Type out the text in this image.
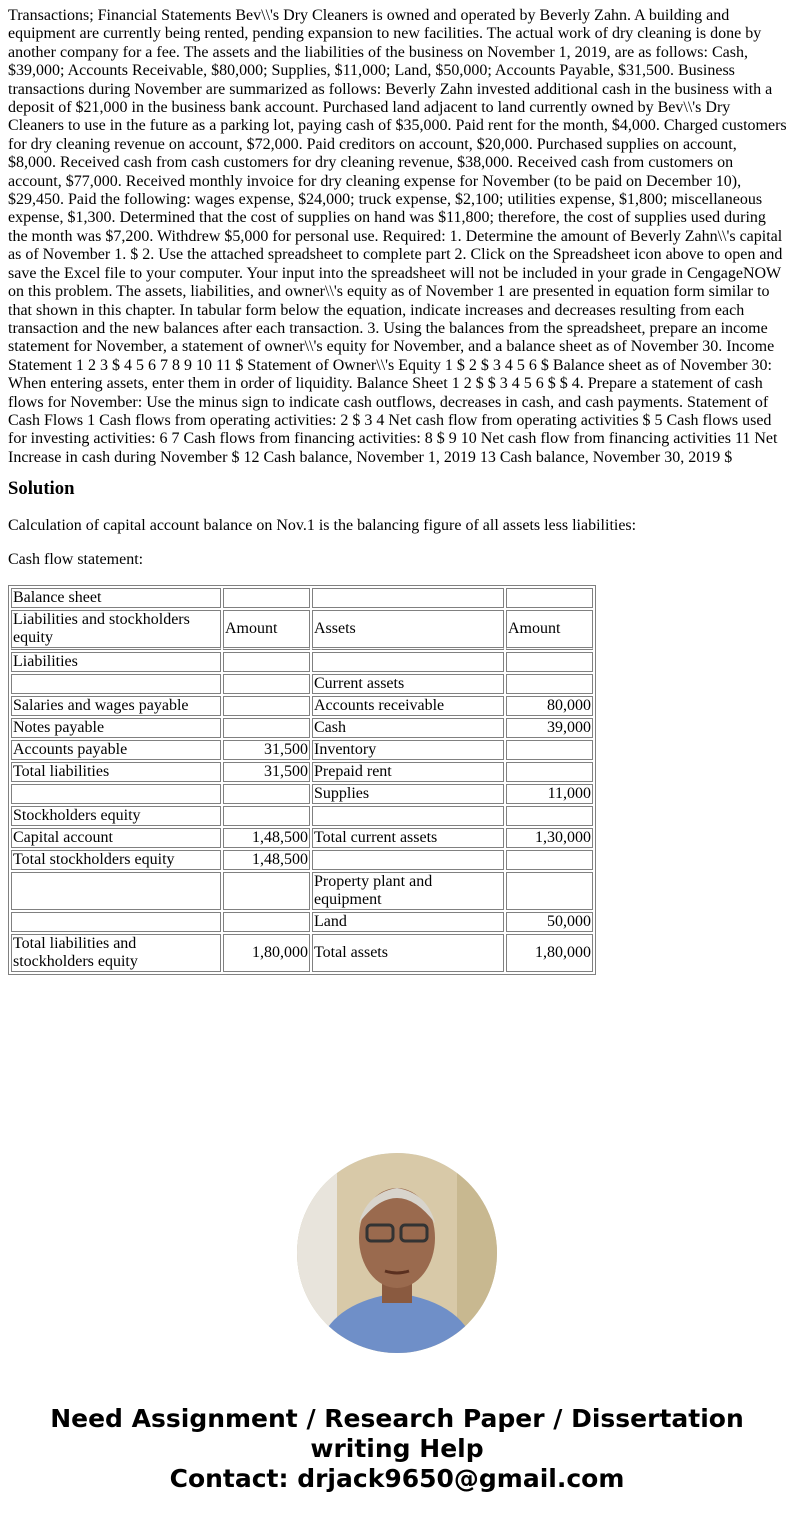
Transactions; Financial Statements Bev\\'s Dry Cleaners is owned and operated by Beverly Zahn. A building and equipment are currently being rented, pending expansion to new facilities. The actual work of dry cleaning is done by another company for a fee. The assets and the liabilities of the business on November 1, 2019, are as follows: Cash, $39,000; Accounts Receivable, $80,000; Supplies, $11,000; Land, $50,000; Accounts Payable, $31,500. Business transactions during November are summarized as follows: Beverly Zahn invested additional cash in the business with a deposit of $21,000 in the business bank account. Purchased land adjacent to land currently owned by Bev\\'s Dry Cleaners to use in the future as a parking lot, paying cash of $35,000. Paid rent for the month, $4,000. Charged customers for dry cleaning revenue on account, $72,000. Paid creditors on account, $20,000. Purchased supplies on account, $8,000. Received cash from cash customers for dry cleaning revenue, $38,000. Received cash from customers on account, $77,000. Received monthly invoice for dry cleaning expense for November (to be paid on December 10), $29,450. Paid the following: wages expense, $24,000; truck expense, $2,100; utilities expense, $1,800; miscellaneous expense, $1,300. Determined that the cost of supplies on hand was $11,800; therefore, the cost of supplies used during the month was $7,200. Withdrew $5,000 for personal use. Required: 1. Determine the amount of Beverly Zahn\\'s capital as of November 1. $ 2. Use the attached spreadsheet to complete part 2. Click on the Spreadsheet icon above to open and save the Excel file to your computer. Your input into the spreadsheet will not be included in your grade in CengageNOW on this problem. The assets, liabilities, and owner\\'s equity as of November 1 are presented in equation form similar to that shown in this chapter. In tabular form below the equation, indicate increases and decreases resulting from each transaction and the new balances after each transaction. 3. Using the balances from the spreadsheet, prepare an income statement for November, a statement of owner\\'s equity for November, and a balance sheet as of November 30. Income Statement 1 2 3 $ 4 5 6 7 8 9 10 11 $ Statement of Owner\\'s Equity 1 $ 2 $ 3 4 5 6 $ Balance sheet as of November 30: When entering assets, enter them in order of liquidity. Balance Sheet 1 2 $ $ 3 4 5 6 $ $ 4. Prepare a statement of cash flows for November: Use the minus sign to indicate cash outflows, decreases in cash, and cash payments. Statement of Cash Flows 1 Cash flows from operating activities: 2 $ 3 4 Net cash flow from operating activities $ 5 Cash flows used for investing activities: 6 7 Cash flows from financing activities: 8 $ 9 10 Net cash flow from financing activities 11 Net Increase in cash during November $ 12 Cash balance, November 1, 2019 13 Cash balance, November 30, 2019 $

Solution

Calculation of capital account balance on Nov.1 is the balancing figure of all assets less liabilities:

Cash flow statement:

Balance sheet			
Liabilities and stockholders equity	Amount	Assets	Amount
Liabilities			
		Current assets	
Salaries and wages payable		Accounts receivable	80,000
Notes payable		Cash	39,000
Accounts payable	31,500	Inventory	
Total liabilities	31,500	Prepaid rent	
		Supplies	11,000
Stockholders equity			
Capital account	1,48,500	Total current assets	1,30,000
Total stockholders equity	1,48,500		
		Property plant and equipment	
		Land	50,000
Total liabilities and stockholders equity	1,80,000	Total assets	1,80,000
Need Assignment / Research Paper / Dissertation
writing Help
Contact: drjack9650@gmail.com
